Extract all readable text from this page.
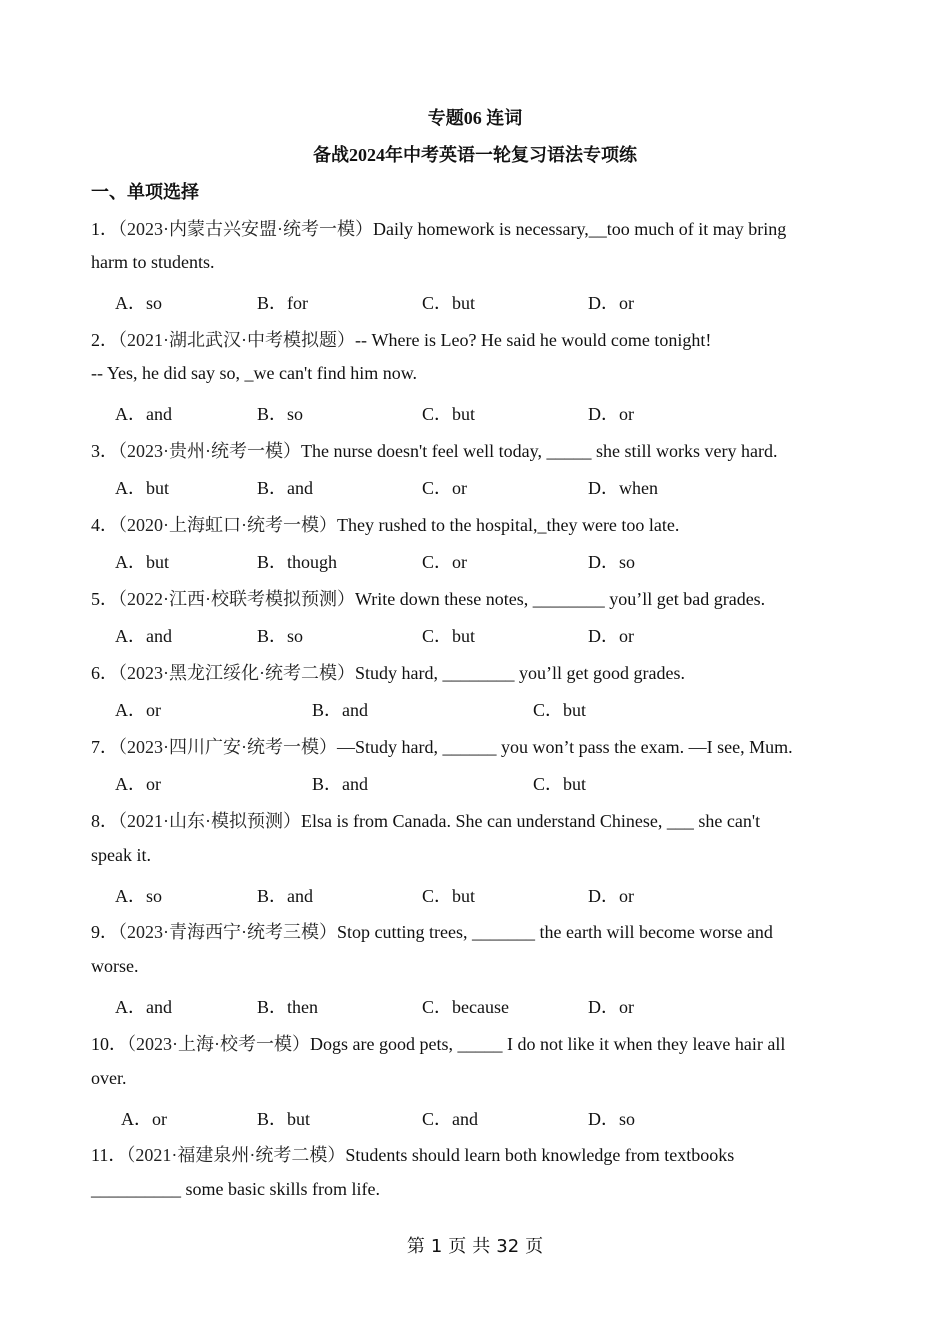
专题06 连词
备战2024年中考英语一轮复习语法专项练
一、单项选择
1．（2023·内蒙古兴安盟·统考一模）Daily homework is necessary,__too much of it may bring
harm to students.
A．so	B．for	C．but	D．or
2．（2021·湖北武汉·中考模拟题）-- Where is Leo? He said he would come tonight!
-- Yes, he did say so, _we can't find him now.
A．and	B．so	C．but	D．or
3．（2023·贵州·统考一模）The nurse doesn't feel well today, _____ she still works very hard.
A．but	B．and	C．or	D．when
4．（2020·上海虹口·统考一模）They rushed to the hospital,_they were too late.
A．but	B．though	C．or	D．so
5．（2022·江西·校联考模拟预测）Write down these notes, ________ you’ll get bad grades.
A．and	B．so	C．but	D．or
6．（2023·黑龙江绥化·统考二模）Study hard, ________ you’ll get good grades.
A．or	B．and	C．but
7．（2023·四川广安·统考一模）—Study hard, ______ you won’t pass the exam. —I see, Mum.
A．or	B．and	C．but
8．（2021·山东·模拟预测）Elsa is from Canada. She can understand Chinese, ___ she can't
speak it.
A．so	B．and	C．but	D．or
9．（2023·青海西宁·统考三模）Stop cutting trees, _______ the earth will become worse and
worse.
A．and	B．then	C．because	D．or
10．（2023·上海·校考一模）Dogs are good pets, _____ I do not like it when they leave hair all
over.
A．or	B．but	C．and	D．so
11．（2021·福建泉州·统考二模）Students should learn both knowledge from textbooks
__________ some basic skills from life.
第 1 页 共 32 页
